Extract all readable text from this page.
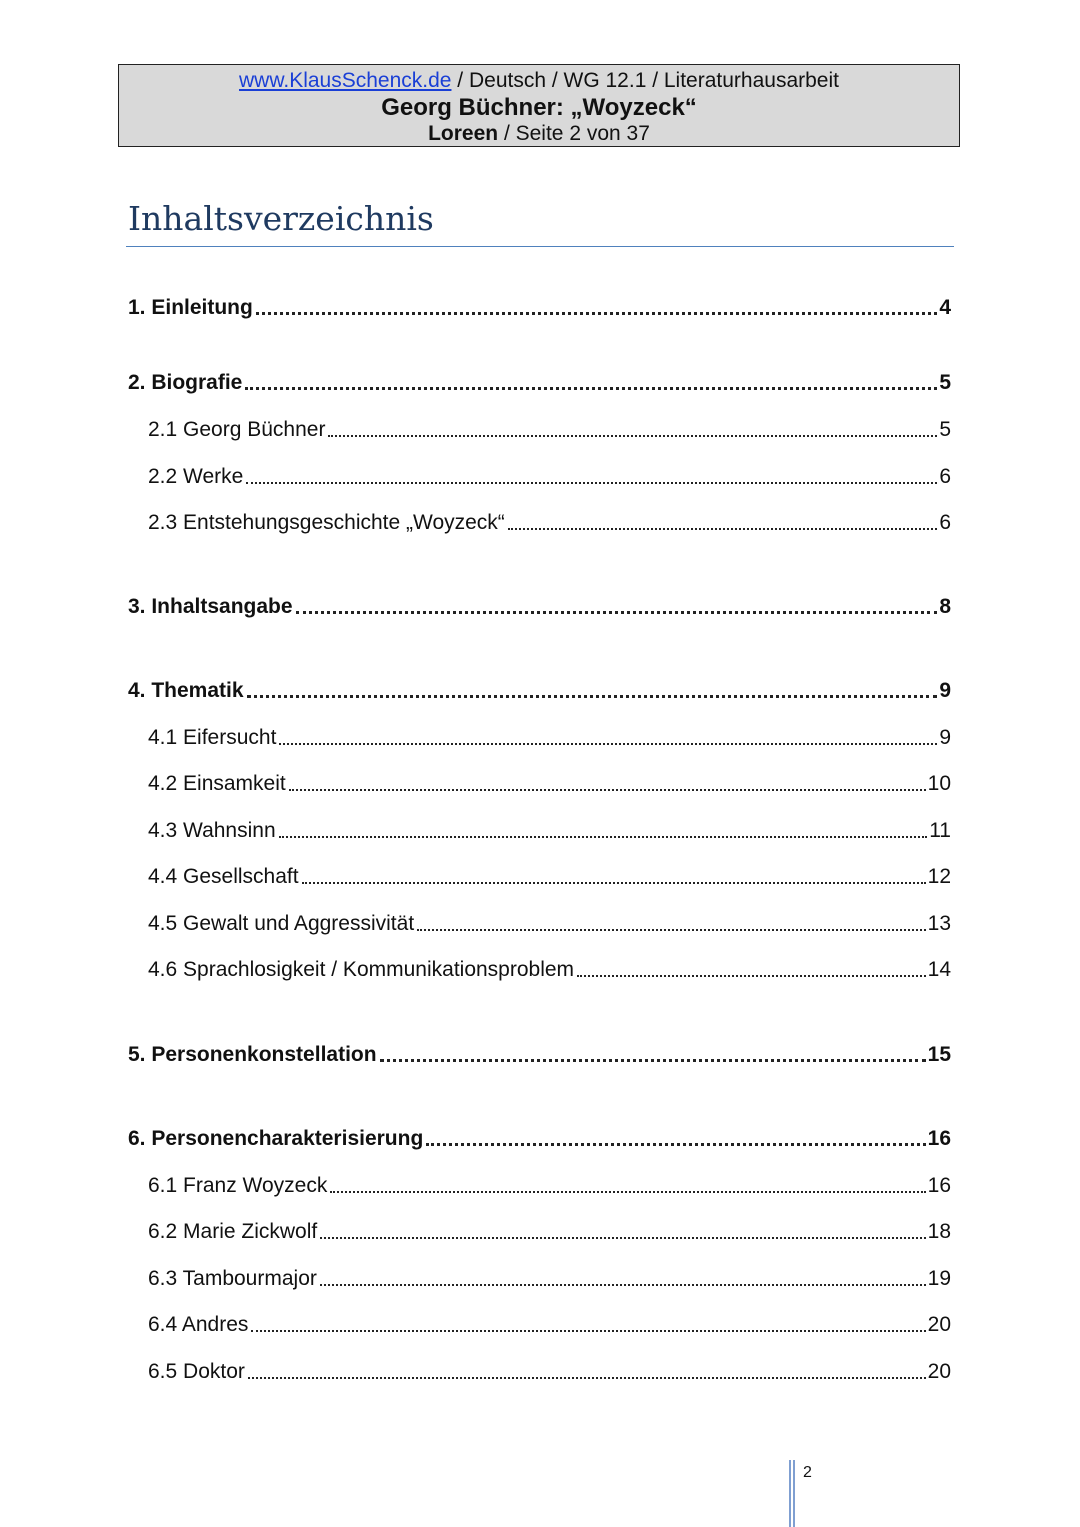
www.KlausSchenck.de / Deutsch / WG 12.1 / Literaturhausarbeit
Georg Büchner: „Woyzeck“
Loreen / Seite 2 von 37
Inhaltsverzeichnis
1. Einleitung	4
2. Biografie	5
2.1 Georg Büchner	5
2.2 Werke	6
2.3 Entstehungsgeschichte „Woyzeck“	6
3. Inhaltsangabe	8
4. Thematik	9
4.1 Eifersucht	9
4.2 Einsamkeit	10
4.3 Wahnsinn	11
4.4 Gesellschaft	12
4.5 Gewalt und Aggressivität	13
4.6 Sprachlosigkeit / Kommunikationsproblem	14
5. Personenkonstellation	15
6. Personencharakterisierung	16
6.1 Franz Woyzeck	16
6.2 Marie Zickwolf	18
6.3 Tambourmajor	19
6.4 Andres	20
6.5 Doktor	20
2
